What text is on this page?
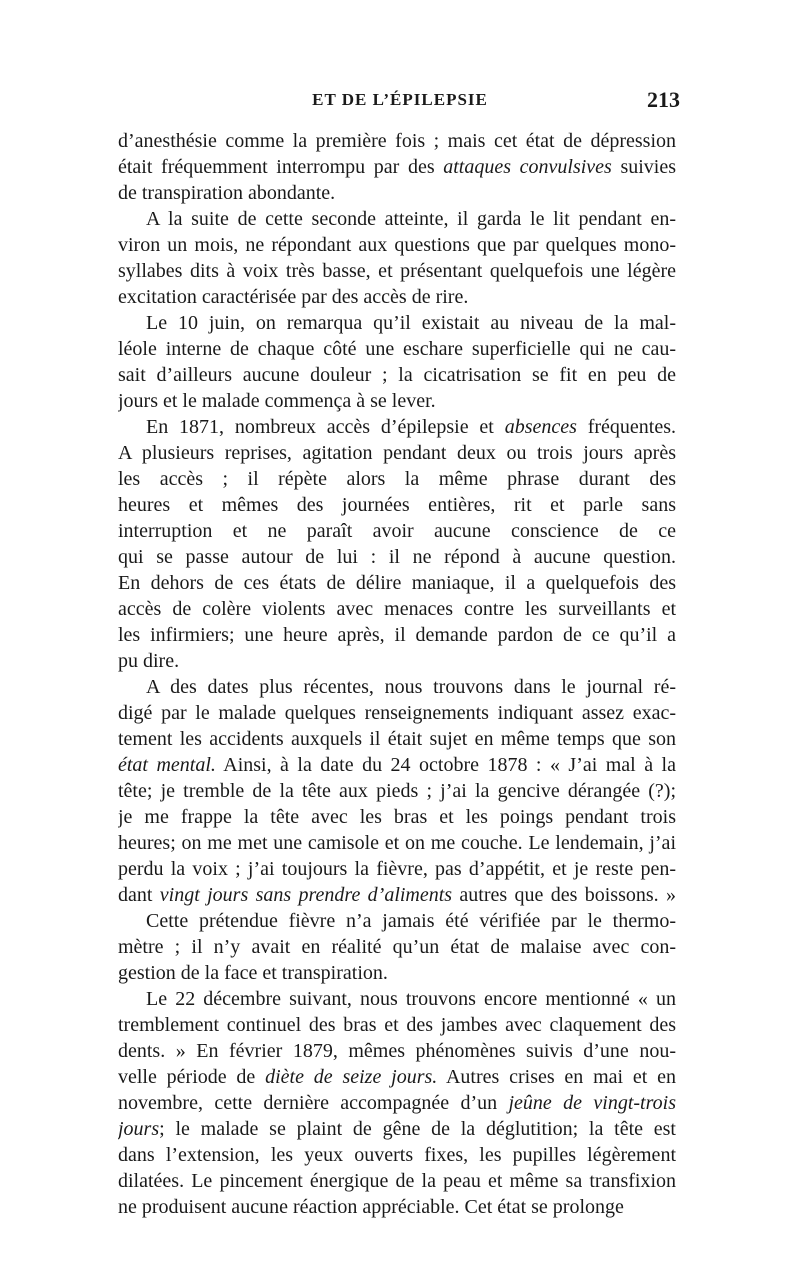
ET DE L’ÉPILEPSIE	213
d’anesthésie comme la première fois ; mais cet état de dépression
était fréquemment interrompu par des attaques convulsives suivies
de transpiration abondante.
A la suite de cette seconde atteinte, il garda le lit pendant en-
viron un mois, ne répondant aux questions que par quelques mono-
syllabes dits à voix très basse, et présentant quelquefois une légère
excitation caractérisée par des accès de rire.
Le 10 juin, on remarqua qu’il existait au niveau de la mal-
léole interne de chaque côté une eschare superficielle qui ne cau-
sait d’ailleurs aucune douleur ; la cicatrisation se fit en peu de
jours et le malade commença à se lever.
En 1871, nombreux accès d’épilepsie et absences fréquentes.
A plusieurs reprises, agitation pendant deux ou trois jours après
les accès ; il répète alors la même phrase durant des
heures et mêmes des journées entières, rit et parle sans
interruption et ne paraît avoir aucune conscience de ce
qui se passe autour de lui : il ne répond à aucune question.
En dehors de ces états de délire maniaque, il a quelquefois des
accès de colère violents avec menaces contre les surveillants et
les infirmiers; une heure après, il demande pardon de ce qu’il a
pu dire.
A des dates plus récentes, nous trouvons dans le journal ré-
digé par le malade quelques renseignements indiquant assez exac-
tement les accidents auxquels il était sujet en même temps que son
état mental. Ainsi, à la date du 24 octobre 1878 : « J’ai mal à la
tête; je tremble de la tête aux pieds ; j’ai la gencive dérangée (?);
je me frappe la tête avec les bras et les poings pendant trois
heures; on me met une camisole et on me couche. Le lendemain, j’ai
perdu la voix ; j’ai toujours la fièvre, pas d’appétit, et je reste pen-
dant vingt jours sans prendre d’aliments autres que des boissons. »
Cette prétendue fièvre n’a jamais été vérifiée par le thermo-
mètre ; il n’y avait en réalité qu’un état de malaise avec con-
gestion de la face et transpiration.
Le 22 décembre suivant, nous trouvons encore mentionné « un
tremblement continuel des bras et des jambes avec claquement des
dents. » En février 1879, mêmes phénomènes suivis d’une nou-
velle période de diète de seize jours. Autres crises en mai et en
novembre, cette dernière accompagnée d’un jeûne de vingt-trois
jours; le malade se plaint de gêne de la déglutition; la tête est
dans l’extension, les yeux ouverts fixes, les pupilles légèrement
dilatées. Le pincement énergique de la peau et même sa transfixion
ne produisent aucune réaction appréciable. Cet état se prolonge
